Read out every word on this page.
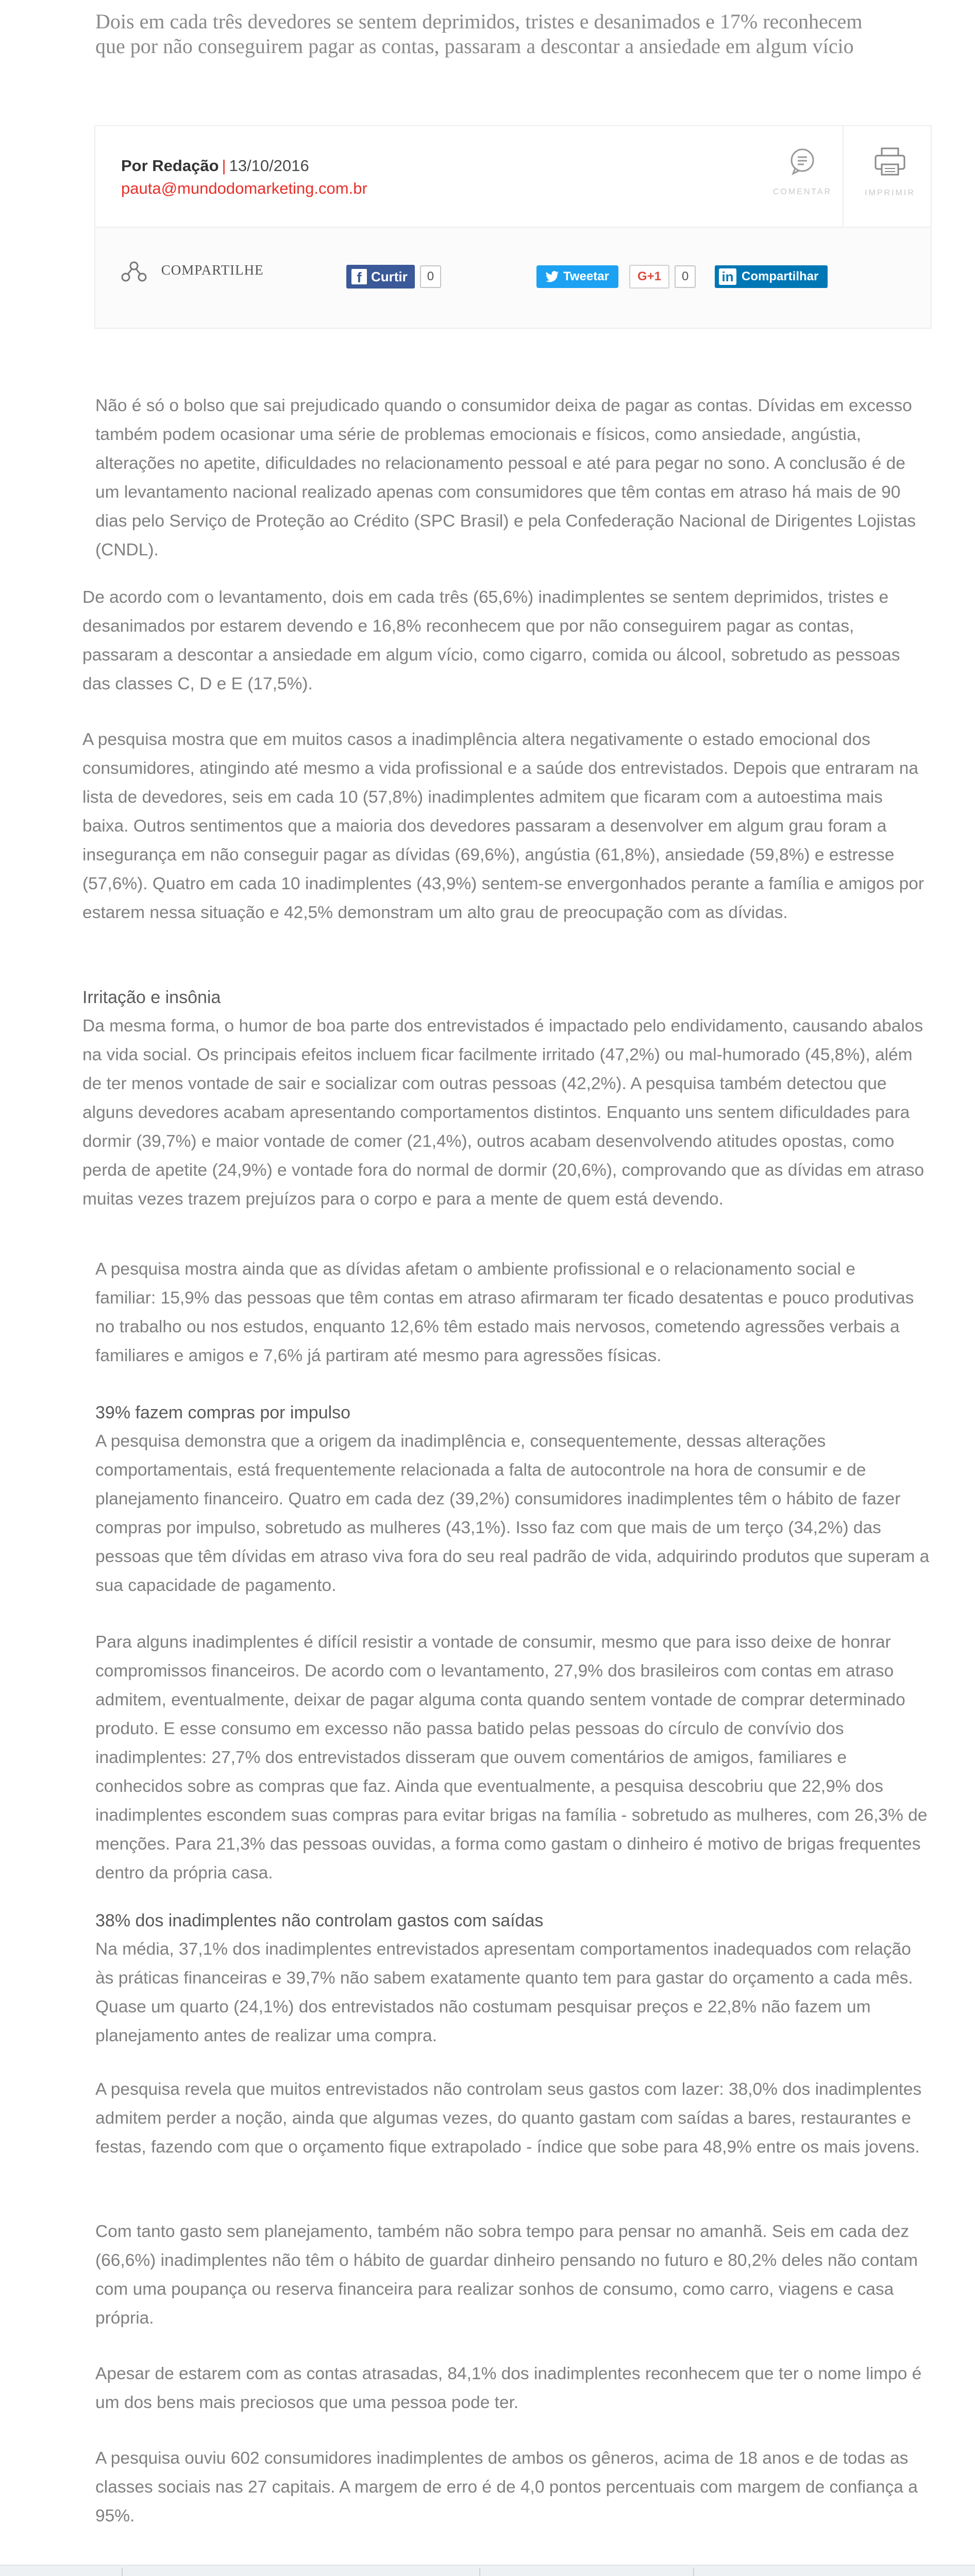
Dois em cada três devedores se sentem deprimidos, tristes e desanimados e 17% reconhecem que por não conseguirem pagar as contas, passaram a descontar a ansiedade em algum vício
Por Redação | 13/10/2016
pauta@mundodomarketing.com.br	COMENTAR	IMPRIMIR
COMPARTILHE	f Curtir	0	Tweetar	G+1	0	in Compartilhar

Não é só o bolso que sai prejudicado quando o consumidor deixa de pagar as contas. Dívidas em excesso também podem ocasionar uma série de problemas emocionais e físicos, como ansiedade, angústia, alterações no apetite, dificuldades no relacionamento pessoal e até para pegar no sono. A conclusão é de um levantamento nacional realizado apenas com consumidores que têm contas em atraso há mais de 90 dias pelo Serviço de Proteção ao Crédito (SPC Brasil) e pela Confederação Nacional de Dirigentes Lojistas (CNDL).

De acordo com o levantamento, dois em cada três (65,6%) inadimplentes se sentem deprimidos, tristes e desanimados por estarem devendo e 16,8% reconhecem que por não conseguirem pagar as contas, passaram a descontar a ansiedade em algum vício, como cigarro, comida ou álcool, sobretudo as pessoas das classes C, D e E (17,5%).

A pesquisa mostra que em muitos casos a inadimplência altera negativamente o estado emocional dos consumidores, atingindo até mesmo a vida profissional e a saúde dos entrevistados. Depois que entraram na lista de devedores, seis em cada 10 (57,8%) inadimplentes admitem que ficaram com a autoestima mais baixa. Outros sentimentos que a maioria dos devedores passaram a desenvolver em algum grau foram a insegurança em não conseguir pagar as dívidas (69,6%), angústia (61,8%), ansiedade (59,8%) e estresse (57,6%). Quatro em cada 10 inadimplentes (43,9%) sentem-se envergonhados perante a família e amigos por estarem nessa situação e 42,5% demonstram um alto grau de preocupação com as dívidas.

Irritação e insônia

Da mesma forma, o humor de boa parte dos entrevistados é impactado pelo endividamento, causando abalos na vida social. Os principais efeitos incluem ficar facilmente irritado (47,2%) ou mal-humorado (45,8%), além de ter menos vontade de sair e socializar com outras pessoas (42,2%). A pesquisa também detectou que alguns devedores acabam apresentando comportamentos distintos. Enquanto uns sentem dificuldades para dormir (39,7%) e maior vontade de comer (21,4%), outros acabam desenvolvendo atitudes opostas, como perda de apetite (24,9%) e vontade fora do normal de dormir (20,6%), comprovando que as dívidas em atraso muitas vezes trazem prejuízos para o corpo e para a mente de quem está devendo.

A pesquisa mostra ainda que as dívidas afetam o ambiente profissional e o relacionamento social e familiar: 15,9% das pessoas que têm contas em atraso afirmaram ter ficado desatentas e pouco produtivas no trabalho ou nos estudos, enquanto 12,6% têm estado mais nervosos, cometendo agressões verbais a familiares e amigos e 7,6% já partiram até mesmo para agressões físicas.

39% fazem compras por impulso

A pesquisa demonstra que a origem da inadimplência e, consequentemente, dessas alterações comportamentais, está frequentemente relacionada a falta de autocontrole na hora de consumir e de planejamento financeiro. Quatro em cada dez (39,2%) consumidores inadimplentes têm o hábito de fazer compras por impulso, sobretudo as mulheres (43,1%). Isso faz com que mais de um terço (34,2%) das pessoas que têm dívidas em atraso viva fora do seu real padrão de vida, adquirindo produtos que superam a sua capacidade de pagamento.

Para alguns inadimplentes é difícil resistir a vontade de consumir, mesmo que para isso deixe de honrar compromissos financeiros. De acordo com o levantamento, 27,9% dos brasileiros com contas em atraso admitem, eventualmente, deixar de pagar alguma conta quando sentem vontade de comprar determinado produto. E esse consumo em excesso não passa batido pelas pessoas do círculo de convívio dos inadimplentes: 27,7% dos entrevistados disseram que ouvem comentários de amigos, familiares e conhecidos sobre as compras que faz. Ainda que eventualmente, a pesquisa descobriu que 22,9% dos inadimplentes escondem suas compras para evitar brigas na família - sobretudo as mulheres, com 26,3% de menções. Para 21,3% das pessoas ouvidas, a forma como gastam o dinheiro é motivo de brigas frequentes dentro da própria casa.

38% dos inadimplentes não controlam gastos com saídas

Na média, 37,1% dos inadimplentes entrevistados apresentam comportamentos inadequados com relação às práticas financeiras e 39,7% não sabem exatamente quanto tem para gastar do orçamento a cada mês. Quase um quarto (24,1%) dos entrevistados não costumam pesquisar preços e 22,8% não fazem um planejamento antes de realizar uma compra.

A pesquisa revela que muitos entrevistados não controlam seus gastos com lazer: 38,0% dos inadimplentes admitem perder a noção, ainda que algumas vezes, do quanto gastam com saídas a bares, restaurantes e festas, fazendo com que o orçamento fique extrapolado - índice que sobe para 48,9% entre os mais jovens.

Com tanto gasto sem planejamento, também não sobra tempo para pensar no amanhã. Seis em cada dez (66,6%) inadimplentes não têm o hábito de guardar dinheiro pensando no futuro e 80,2% deles não contam com uma poupança ou reserva financeira para realizar sonhos de consumo, como carro, viagens e casa própria.

Apesar de estarem com as contas atrasadas, 84,1% dos inadimplentes reconhecem que ter o nome limpo é um dos bens mais preciosos que uma pessoa pode ter.

A pesquisa ouviu 602 consumidores inadimplentes de ambos os gêneros, acima de 18 anos e de todas as classes sociais nas 27 capitais. A margem de erro é de 4,0 pontos percentuais com margem de confiança a 95%.
